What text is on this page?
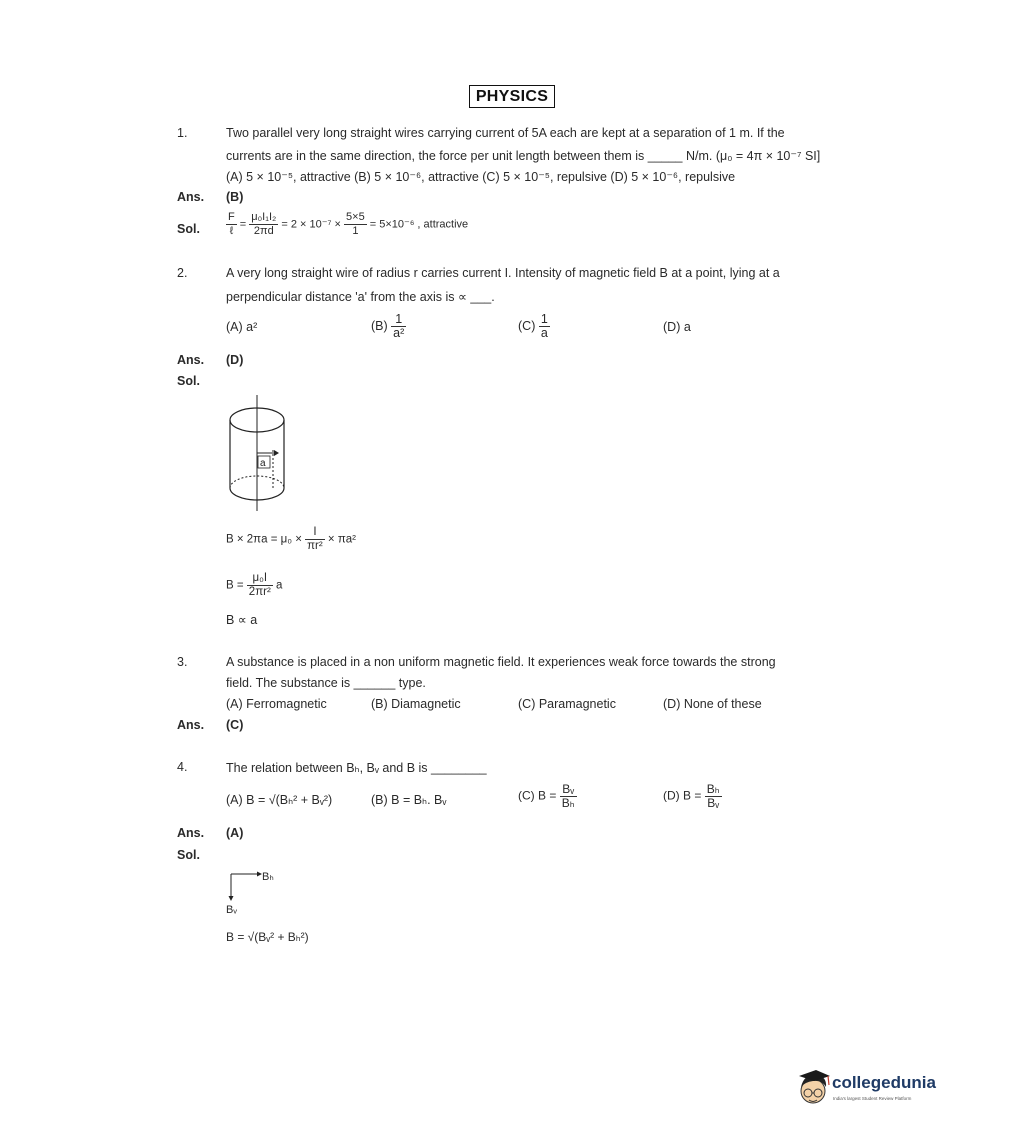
PHYSICS
1.	Two parallel very long straight wires carrying current of 5A each are kept at a separation of 1 m. If the
currents are in the same direction, the force per unit length between them is _____ N/m. (μ₀ = 4π × 10⁻⁷ SI]
(A) 5 × 10⁻⁵, attractive (B) 5 × 10⁻⁶, attractive (C) 5 × 10⁻⁵, repulsive (D) 5 × 10⁻⁶, repulsive
Ans. (B)
Sol. $\frac{F}{\text{ℓ}} = \frac{\text{μ₀I₁I₂}}{2\pi d} = 2 \times 10^{-7} \times \frac{5\times 5}{1} = 5\times 10^{-6}$ , attractive
2.	A very long straight wire of radius r carries current I. Intensity of magnetic field B at a point, lying at a
perpendicular distance 'a' from the axis is ∝ ___.
(A) a²	$(B) \frac{1}{\text{a²}}$	$(C) \frac{1}{a}$	(D) a
Ans. (D)
Sol.
a
$B \times 2\pi a = \mu_0 \times \frac{I}{\text{πr²}} \times \pi a^2$
$B = \frac{\text{μ₀I}}{\text{2πr²}}$ a
B ∝ a
3.	A substance is placed in a non uniform magnetic field. It experiences weak force towards the strong
field. The substance is ______ type.
(A) Ferromagnetic	(B) Diamagnetic	(C) Paramagnetic	(D) None of these
Ans. (C)
4.	The relation between Bₕ, Bᵥ and B is ________
(A) B = √(Bₕ² + Bᵥ²)	(B) B = Bₕ. Bᵥ	(C) $B = \frac{\text{Bᵥ}}{\text{Bₕ}}$	(D) $B = \frac{\text{Bₕ}}{\text{Bᵥ}}$
Ans. (A)
Sol.
Bₕ
Bᵥ
B = √(Bᵥ² + Bₕ²)
collegedunia
India's largest Student Review Platform
